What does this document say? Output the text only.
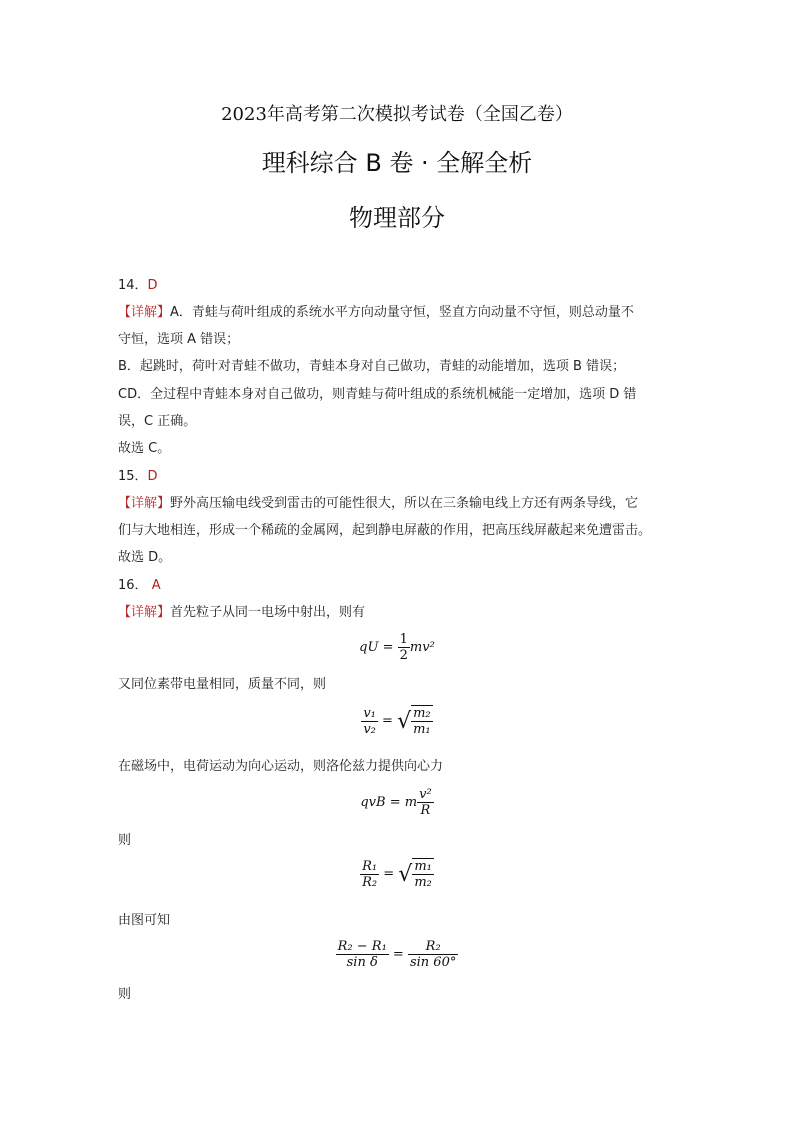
2023年高考第二次模拟考试卷（全国乙卷）
理科综合 B 卷 · 全解全析
物理部分
14．D
【详解】A．青蛙与荷叶组成的系统水平方向动量守恒，竖直方向动量不守恒，则总动量不
守恒，选项 A 错误；
B．起跳时，荷叶对青蛙不做功，青蛙本身对自己做功，青蛙的动能增加，选项 B 错误；
CD．全过程中青蛙本身对自己做功，则青蛙与荷叶组成的系统机械能一定增加，选项 D 错
误，C 正确。
故选 C。
15．D
【详解】野外高压输电线受到雷击的可能性很大，所以在三条输电线上方还有两条导线，它
们与大地相连，形成一个稀疏的金属网，起到静电屏蔽的作用，把高压线屏蔽起来免遭雷击。
故选 D。
16． A
【详解】首先粒子从同一电场中射出，则有
qU = $\frac{1}{2} mv^2$
又同位素带电量相同，质量不同，则
$\frac{\text{v₁}}{\text{v₂}}$ = √ $\frac{\text{m₂}}{\text{m₁}}$
在磁场中，电荷运动为向心运动，则洛伦兹力提供向心力
qvB = m $\frac{\text{v²}}{R}$
则
$\frac{\text{R₁}}{\text{R₂}}$ = √ $\frac{\text{m₁}}{\text{m₂}}$
由图可知
$\frac{\text{R₂ − R₁}}{\text{sin δ}} = \frac{\text{R₂}}{\sin 60^\circ}$
则
